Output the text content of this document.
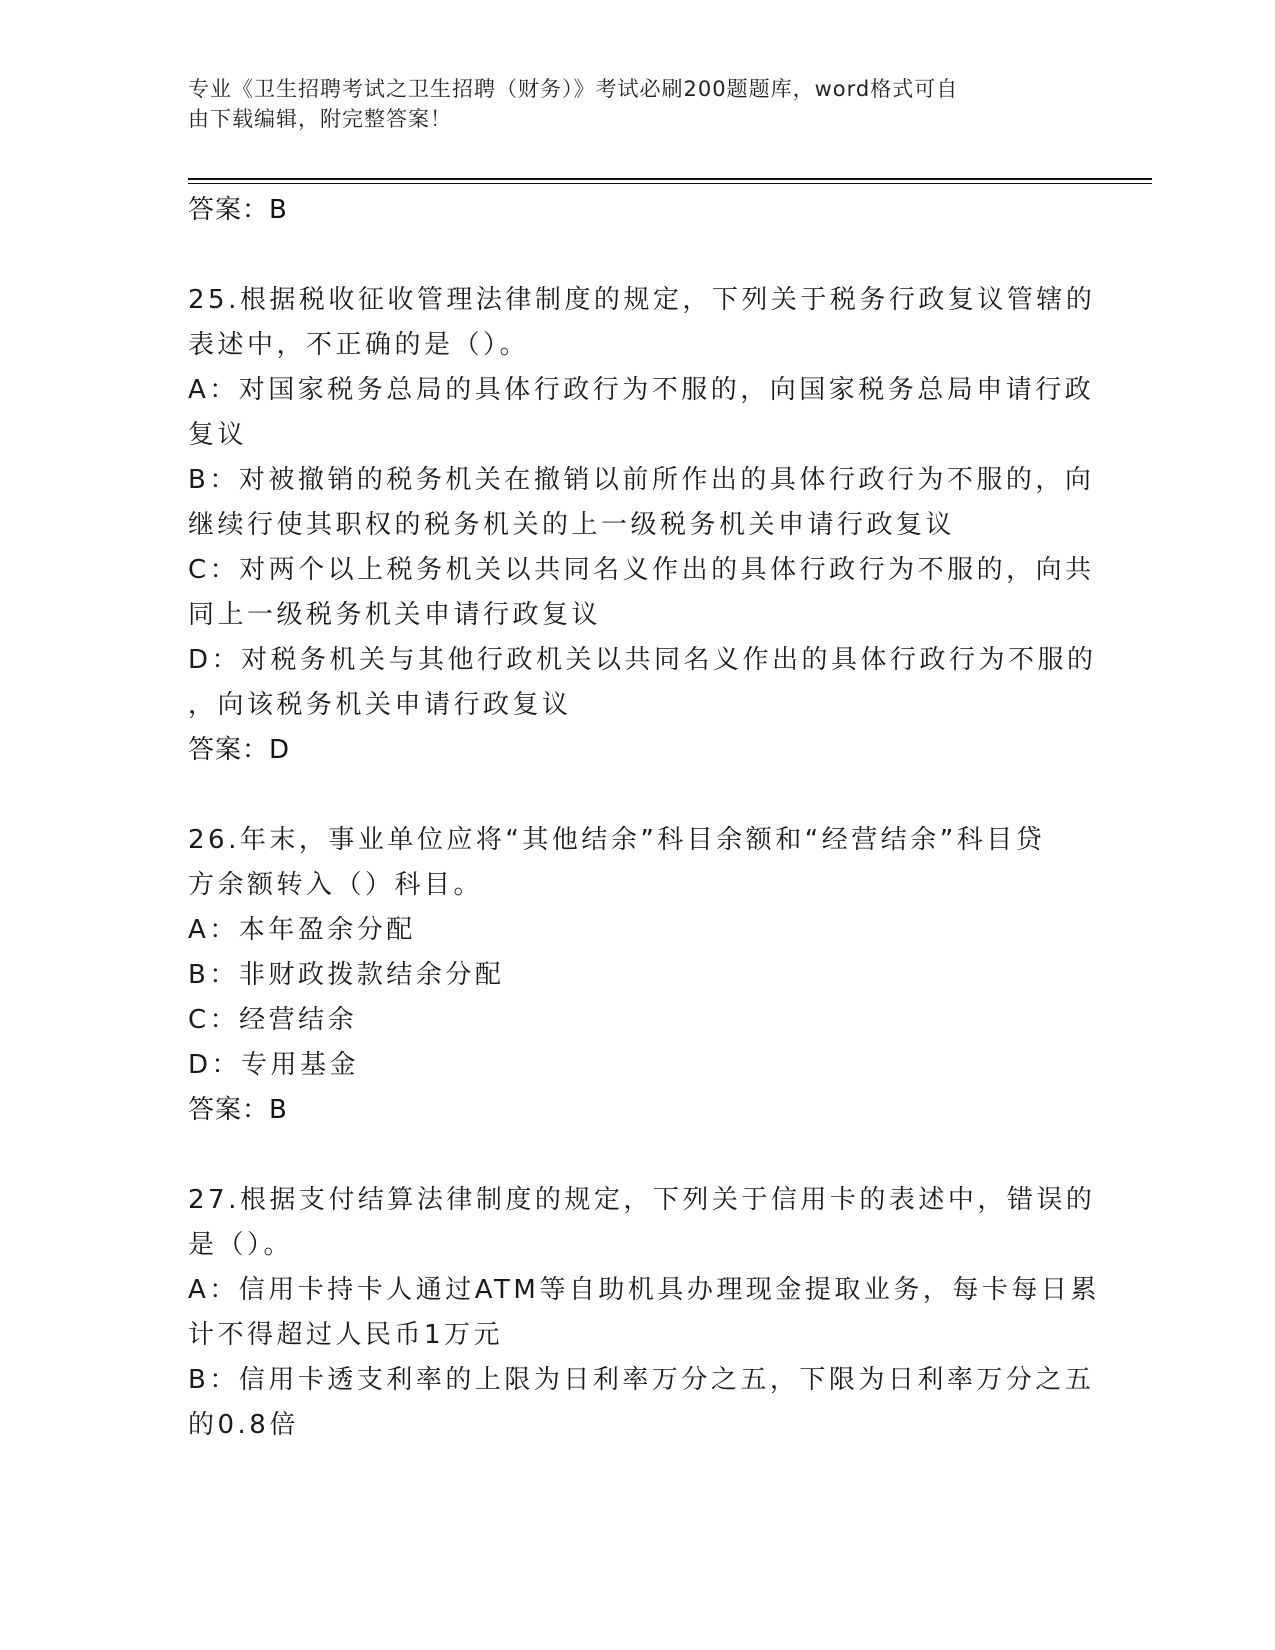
专业《卫生招聘考试之卫生招聘（财务）》考试必刷200题题库，word格式可自
由下载编辑，附完整答案！
答案：B
25.根据税收征收管理法律制度的规定，下列关于税务行政复议管辖的
表述中，不正确的是（）。
A：对国家税务总局的具体行政行为不服的，向国家税务总局申请行政
复议
B：对被撤销的税务机关在撤销以前所作出的具体行政行为不服的，向
继续行使其职权的税务机关的上一级税务机关申请行政复议
C：对两个以上税务机关以共同名义作出的具体行政行为不服的，向共
同上一级税务机关申请行政复议
D：对税务机关与其他行政机关以共同名义作出的具体行政行为不服的
，向该税务机关申请行政复议
答案：D
26.年末，事业单位应将“其他结余”科目余额和“经营结余”科目贷
方余额转入（）科目。
A：本年盈余分配
B：非财政拨款结余分配
C：经营结余
D：专用基金
答案：B
27.根据支付结算法律制度的规定，下列关于信用卡的表述中，错误的
是（）。
A：信用卡持卡人通过ATM等自助机具办理现金提取业务，每卡每日累
计不得超过人民币1万元
B：信用卡透支利率的上限为日利率万分之五，下限为日利率万分之五
的0.8倍
